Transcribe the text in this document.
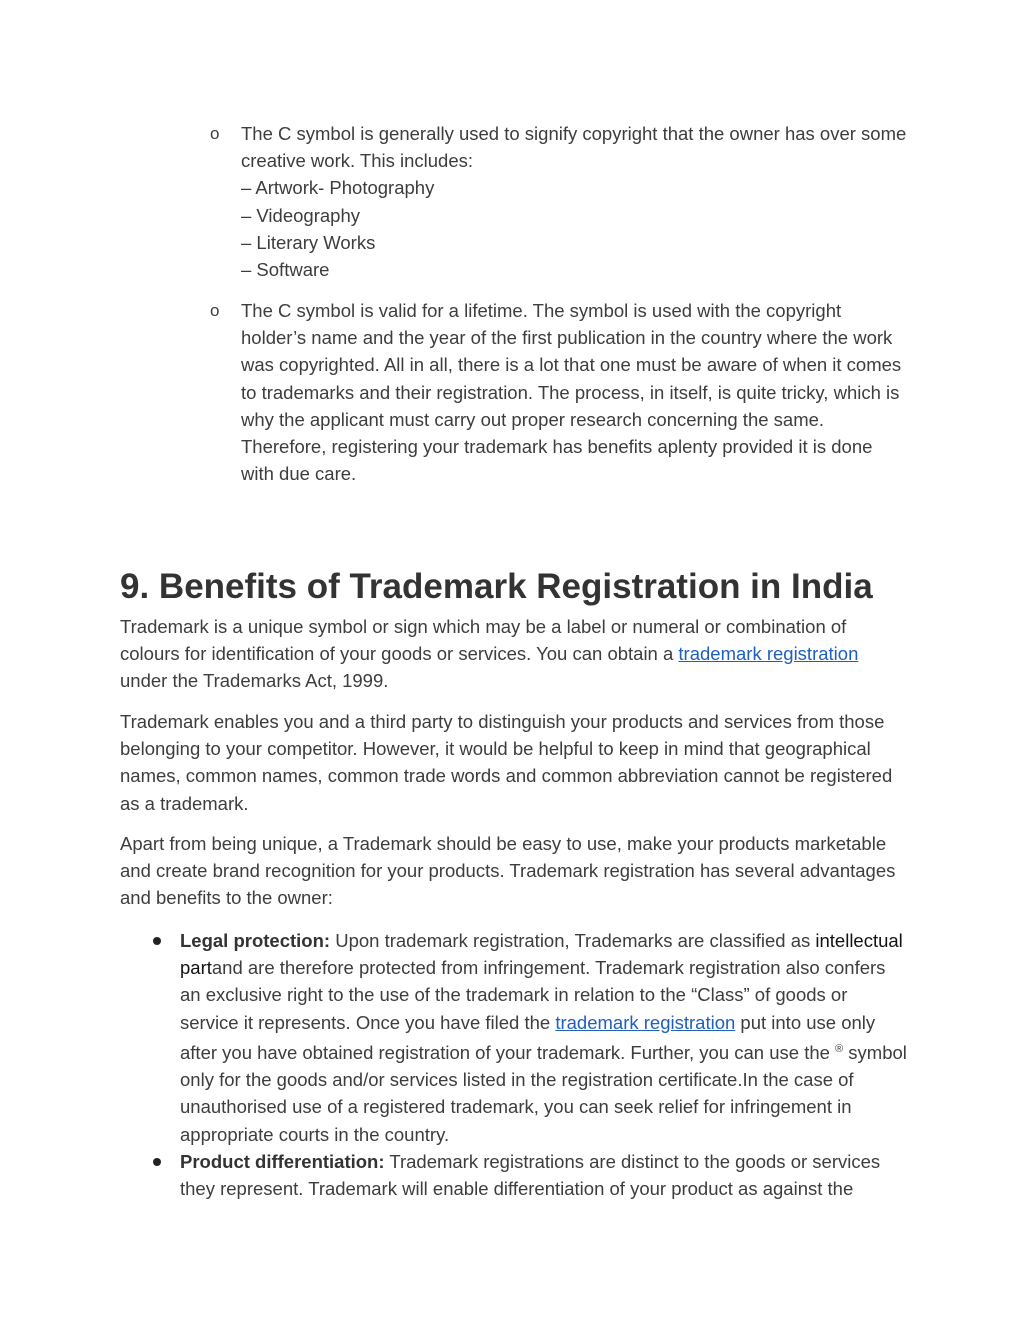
o	The C symbol is generally used to signify copyright that the owner has over some creative work. This includes:

– Artwork- Photography

– Videography

– Literary Works

– Software

o	The C symbol is valid for a lifetime. The symbol is used with the copyright holder’s name and the year of the first publication in the country where the work was copyrighted. All in all, there is a lot that one must be aware of when it comes to trademarks and their registration. The process, in itself, is quite tricky, which is why the applicant must carry out proper research concerning the same. Therefore, registering your trademark has benefits aplenty provided it is done with due care.

9. Benefits of Trademark Registration in India

Trademark is a unique symbol or sign which may be a label or numeral or combination of colours for identification of your goods or services. You can obtain a trademark registration under the Trademarks Act, 1999.

Trademark enables you and a third party to distinguish your products and services from those belonging to your competitor. However, it would be helpful to keep in mind that geographical names, common names, common trade words and common abbreviation cannot be registered as a trademark.

Apart from being unique, a Trademark should be easy to use, make your products marketable and create brand recognition for your products. Trademark registration has several advantages and benefits to the owner:

Legal protection: Upon trademark registration, Trademarks are classified as intellectual partand are therefore protected from infringement. Trademark registration also confers an exclusive right to the use of the trademark in relation to the “Class” of goods or service it represents. Once you have filed the trademark registration put into use only after you have obtained registration of your trademark. Further, you can use the ® symbol only for the goods and/or services listed in the registration certificate.In the case of unauthorised use of a registered trademark, you can seek relief for infringement in appropriate courts in the country.
Product differentiation: Trademark registrations are distinct to the goods or services they represent. Trademark will enable differentiation of your product as against the
